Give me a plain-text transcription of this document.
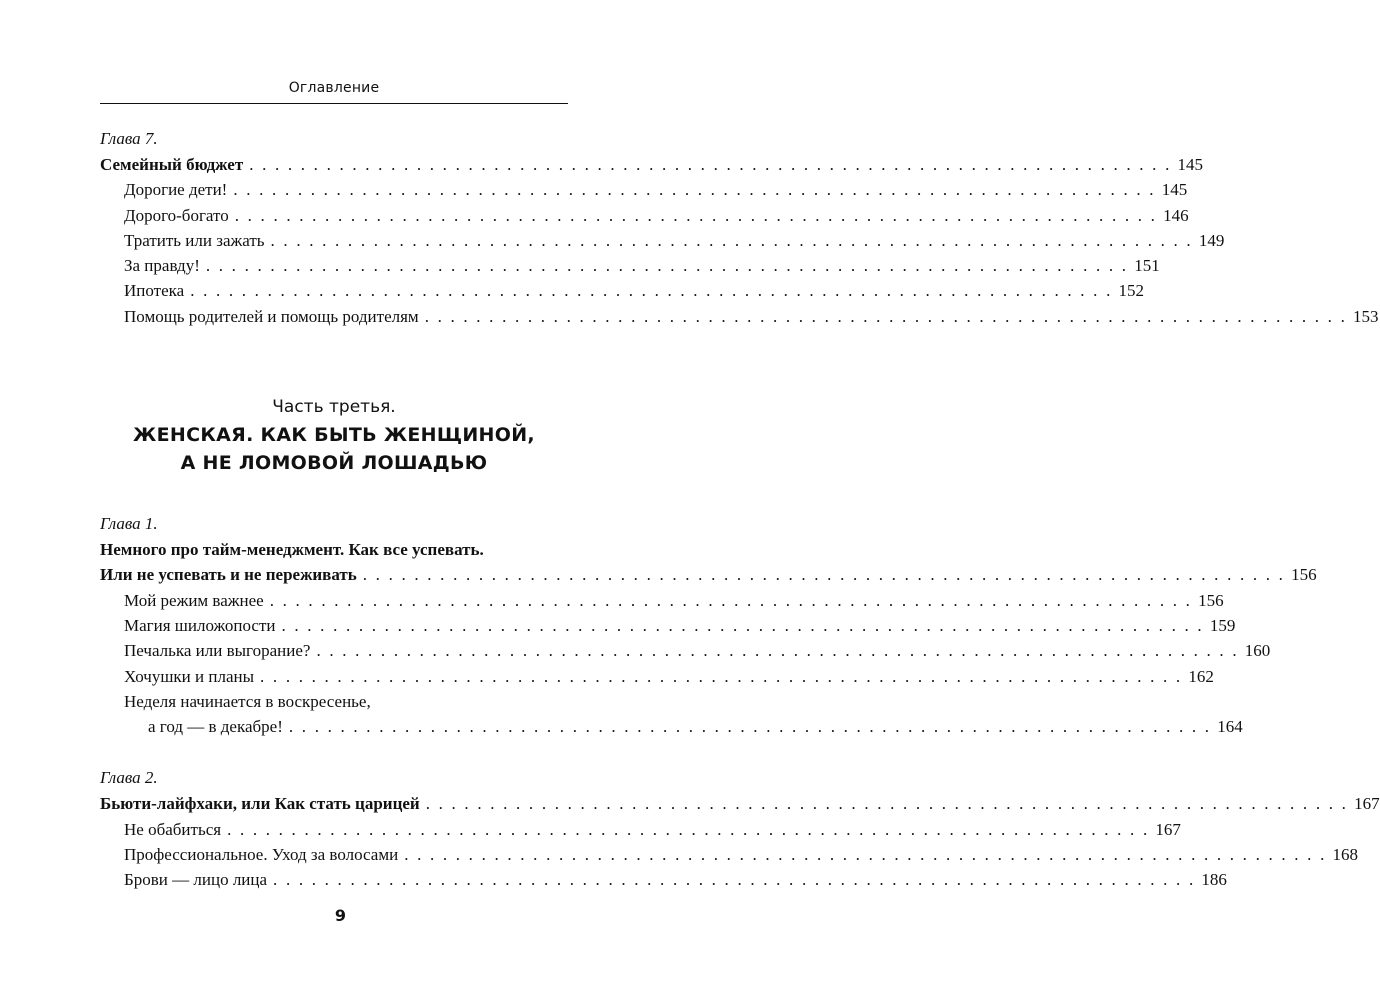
Оглавление
Глава 7.
Семейный бюджет . . . . . . . . . . . . . . . . . . . . . . . . . . . . . . . . . . . . . . . . . . . . . . . . . . . . . . . . . . . . . . . . . . . . . . . . 145
Дорогие дети! . . . . . . . . . . . . . . . . . . . . . . . . . . . . . . . . . . . . . . . . . . . . . . . . . . . . . . . . . . . . . . . . . . . . . . . . 145
Дорого-богато . . . . . . . . . . . . . . . . . . . . . . . . . . . . . . . . . . . . . . . . . . . . . . . . . . . . . . . . . . . . . . . . . . . . . . . . 146
Тратить или зажать . . . . . . . . . . . . . . . . . . . . . . . . . . . . . . . . . . . . . . . . . . . . . . . . . . . . . . . . . . . . . . . . . . . . . . . . 149
За правду! . . . . . . . . . . . . . . . . . . . . . . . . . . . . . . . . . . . . . . . . . . . . . . . . . . . . . . . . . . . . . . . . . . . . . . . . 151
Ипотека . . . . . . . . . . . . . . . . . . . . . . . . . . . . . . . . . . . . . . . . . . . . . . . . . . . . . . . . . . . . . . . . . . . . . . . . 152
Помощь родителей и помощь родителям . . . . . . . . . . . . . . . . . . . . . . . . . . . . . . . . . . . . . . . . . . . . . . . . . . . . . . . . . . . . . . . . . . . . . . . . 153
Часть третья.
ЖЕНСКАЯ. КАК БЫТЬ ЖЕНЩИНОЙ,
А НЕ ЛОМОВОЙ ЛОШАДЬЮ
Глава 1.
Немного про тайм-менеджмент. Как все успевать.
Или не успевать и не переживать . . . . . . . . . . . . . . . . . . . . . . . . . . . . . . . . . . . . . . . . . . . . . . . . . . . . . . . . . . . . . . . . . . . . . . . . 156
Мой режим важнее . . . . . . . . . . . . . . . . . . . . . . . . . . . . . . . . . . . . . . . . . . . . . . . . . . . . . . . . . . . . . . . . . . . . . . . . 156
Магия шиложопости . . . . . . . . . . . . . . . . . . . . . . . . . . . . . . . . . . . . . . . . . . . . . . . . . . . . . . . . . . . . . . . . . . . . . . . . 159
Печалька или выгорание? . . . . . . . . . . . . . . . . . . . . . . . . . . . . . . . . . . . . . . . . . . . . . . . . . . . . . . . . . . . . . . . . . . . . . . . . 160
Хочушки и планы . . . . . . . . . . . . . . . . . . . . . . . . . . . . . . . . . . . . . . . . . . . . . . . . . . . . . . . . . . . . . . . . . . . . . . . . 162
Неделя начинается в воскресенье,
а год — в декабре! . . . . . . . . . . . . . . . . . . . . . . . . . . . . . . . . . . . . . . . . . . . . . . . . . . . . . . . . . . . . . . . . . . . . . . . . 164
Глава 2.
Бьюти-лайфхаки, или Как стать царицей . . . . . . . . . . . . . . . . . . . . . . . . . . . . . . . . . . . . . . . . . . . . . . . . . . . . . . . . . . . . . . . . . . . . . . . . 167
Не обабиться . . . . . . . . . . . . . . . . . . . . . . . . . . . . . . . . . . . . . . . . . . . . . . . . . . . . . . . . . . . . . . . . . . . . . . . . 167
Профессиональное. Уход за волосами . . . . . . . . . . . . . . . . . . . . . . . . . . . . . . . . . . . . . . . . . . . . . . . . . . . . . . . . . . . . . . . . . . . . . . . . 168
Брови — лицо лица . . . . . . . . . . . . . . . . . . . . . . . . . . . . . . . . . . . . . . . . . . . . . . . . . . . . . . . . . . . . . . . . . . . . . . . . 186
9
